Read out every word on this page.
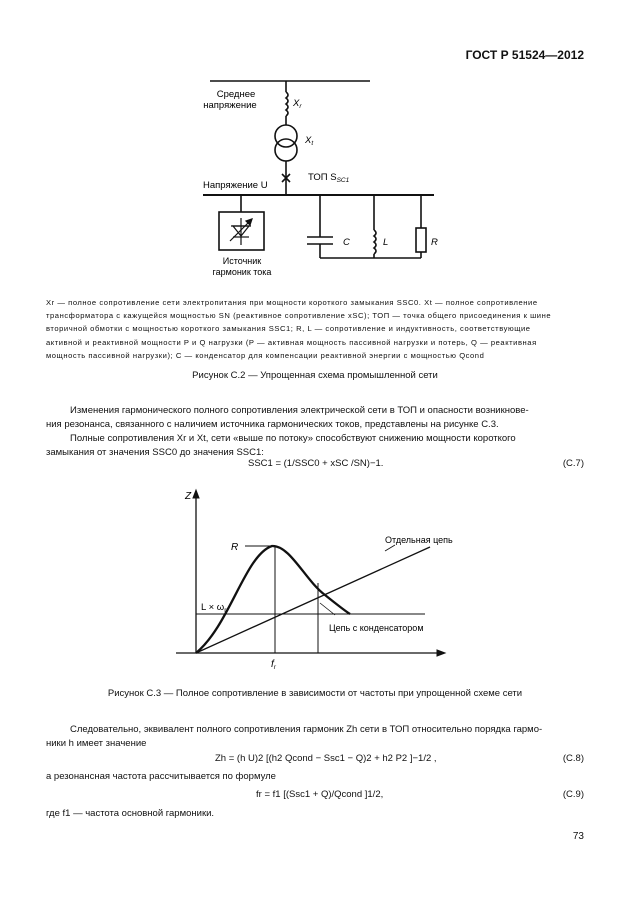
ГОСТ Р 51524—2012
Среднее
напряжение	$X_r$
$X_t$
ТОП $S_{SC1}$
Напряжение U
Источник
гармоник тока
C	L	R
Xr — полное сопротивление сети электропитания при мощности короткого замыкания SSC0. Xt — полное сопротивление
трансформатора с кажущейся мощностью SN (реактивное сопротивление xSC); ТОП — точка общего присоединения к шине
вторичной обмотки с мощностью короткого замыкания SSC1; R, L — сопротивление и индуктивность, соответствующие
активной и реактивной мощности P и Q нагрузки (P — активная мощность пассивной нагрузки и потерь, Q — реактивная
мощность пассивной нагрузки); C — конденсатор для компенсации реактивной энергии с мощностью Qcond
Рисунок С.2 — Упрощенная схема промышленной сети
Изменения гармонического полного сопротивления электрической сети в ТОП и опасности возникнове-
ния резонанса, связанного с наличием источника гармонических токов, представлены на рисунке С.3.
Полные сопротивления Xr и Xt, сети «выше по потоку» способствуют снижению мощности короткого
замыкания от значения SSC0 до значения SSC1:
SSC1 = (1/SSC0 + xSC /SN)−1.	(С.7)
Z
R
$L \times \omega_r$
$f_r$
Отдельная цепь
Цепь с конденсатором
Рисунок С.3 — Полное сопротивление в зависимости от частоты при упрощенной схеме сети
Следовательно, эквивалент полного сопротивления гармоник Zh сети в ТОП относительно порядка гармо-
ники h имеет значение
Zh = (h U)2 [(h2 Qcond − Ssc1 − Q)2 + h2 P2 ]−1/2 ,	(С.8)
а резонансная частота рассчитывается по формуле
fr = f1 [(Ssc1 + Q)/Qcond ]1/2,	(С.9)
где f1 — частота основной гармоники.
73
